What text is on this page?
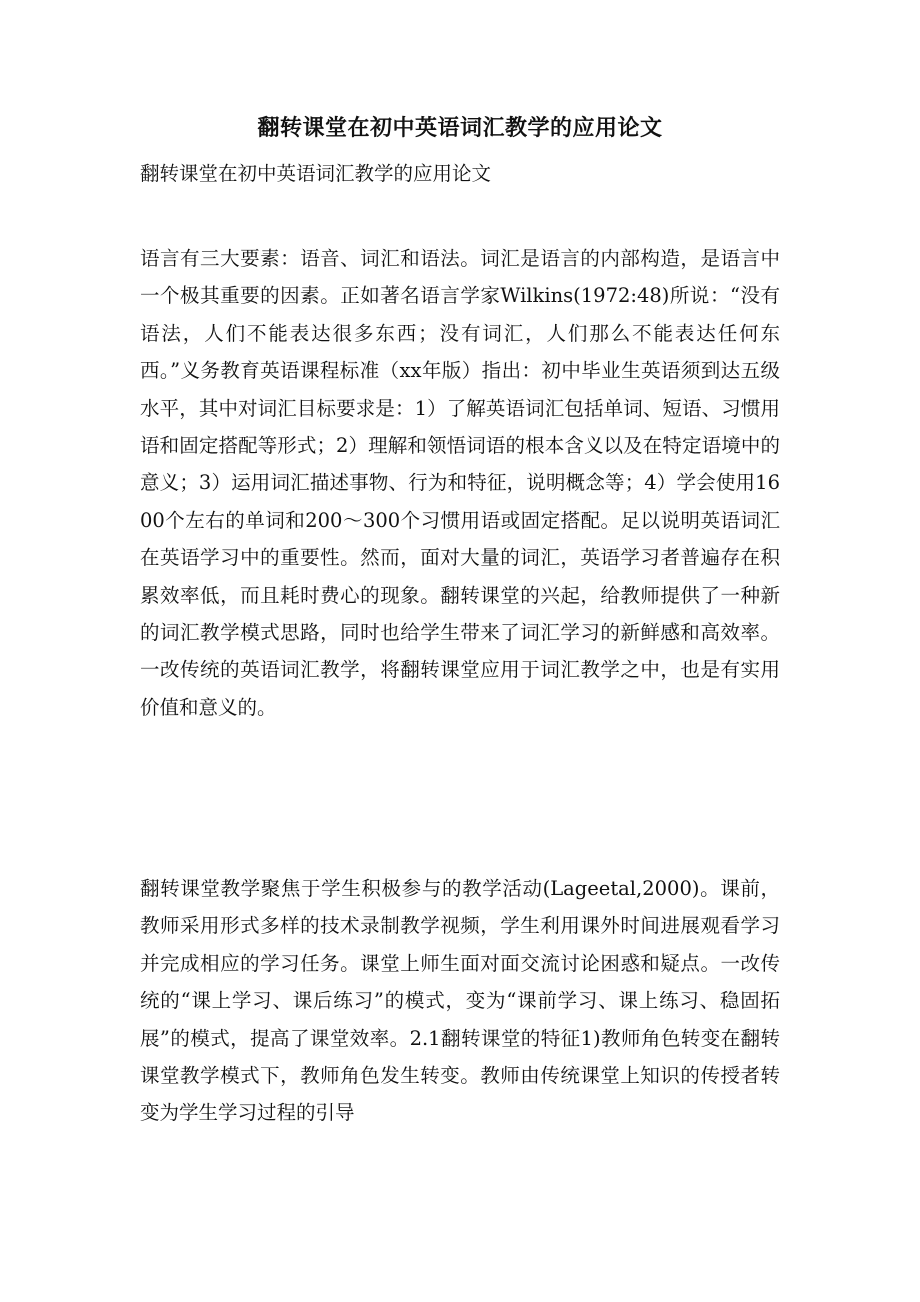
翻转课堂在初中英语词汇教学的应用论文

翻转课堂在初中英语词汇教学的应用论文

语言有三大要素：语音、词汇和语法。词汇是语言的内部构造，是语言中一个极其重要的因素。正如著名语言学家Wilkins(1972:48)所说：“没有语法，人们不能表达很多东西；没有词汇，人们那么不能表达任何东西。”义务教育英语课程标准（xx年版）指出：初中毕业生英语须到达五级水平，其中对词汇目标要求是：1）了解英语词汇包括单词、短语、习惯用语和固定搭配等形式；2）理解和领悟词语的根本含义以及在特定语境中的意义；3）运用词汇描述事物、行为和特征，说明概念等；4）学会使用1600个左右的单词和200～300个习惯用语或固定搭配。足以说明英语词汇在英语学习中的重要性。然而，面对大量的词汇，英语学习者普遍存在积累效率低，而且耗时费心的现象。翻转课堂的兴起，给教师提供了一种新的词汇教学模式思路，同时也给学生带来了词汇学习的新鲜感和高效率。一改传统的英语词汇教学，将翻转课堂应用于词汇教学之中，也是有实用价值和意义的。

翻转课堂教学聚焦于学生积极参与的教学活动(Lageetal,2000)。课前，教师采用形式多样的技术录制教学视频，学生利用课外时间进展观看学习并完成相应的学习任务。课堂上师生面对面交流讨论困惑和疑点。一改传统的“课上学习、课后练习”的模式，变为“课前学习、课上练习、稳固拓展”的模式，提高了课堂效率。2.1翻转课堂的特征1)教师角色转变在翻转课堂教学模式下，教师角色发生转变。教师由传统课堂上知识的传授者转变为学生学习过程的引导
